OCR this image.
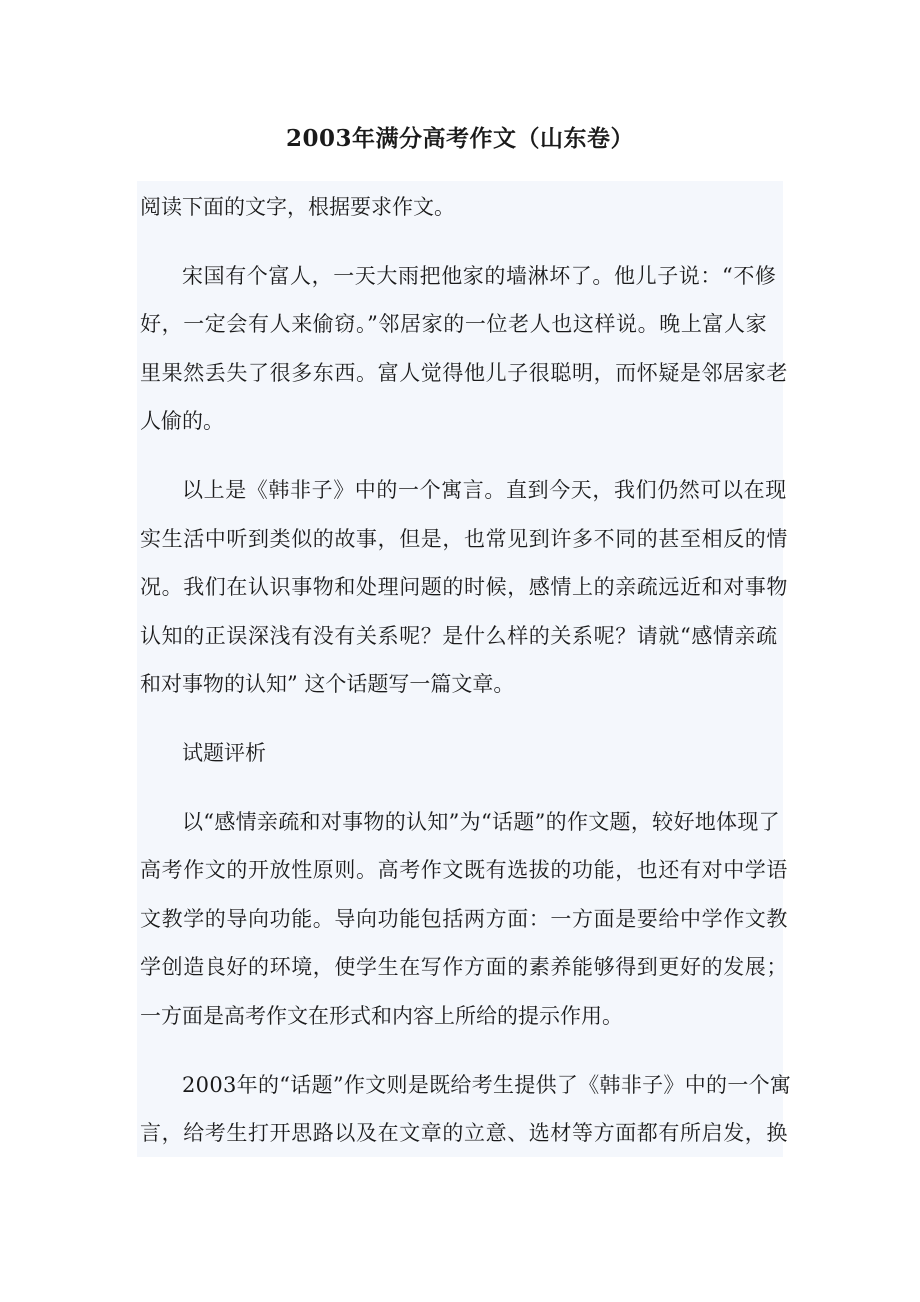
2003年满分高考作文（山东卷）
阅读下面的文字，根据要求作文。
宋国有个富人，一天大雨把他家的墙淋坏了。他儿子说：“不修
好，一定会有人来偷窃。”邻居家的一位老人也这样说。晚上富人家
里果然丢失了很多东西。富人觉得他儿子很聪明，而怀疑是邻居家老
人偷的。
以上是《韩非子》中的一个寓言。直到今天，我们仍然可以在现
实生活中听到类似的故事，但是，也常见到许多不同的甚至相反的情
况。我们在认识事物和处理问题的时候，感情上的亲疏远近和对事物
认知的正误深浅有没有关系呢？是什么样的关系呢？请就“感情亲疏
和对事物的认知” 这个话题写一篇文章。
试题评析
以“感情亲疏和对事物的认知”为“话题”的作文题，较好地体现了
高考作文的开放性原则。高考作文既有选拔的功能，也还有对中学语
文教学的导向功能。导向功能包括两方面：一方面是要给中学作文教
学创造良好的环境，使学生在写作方面的素养能够得到更好的发展；
一方面是高考作文在形式和内容上所给的提示作用。
2003年的“话题”作文则是既给考生提供了《韩非子》中的一个寓
言，给考生打开思路以及在文章的立意、选材等方面都有所启发，换
